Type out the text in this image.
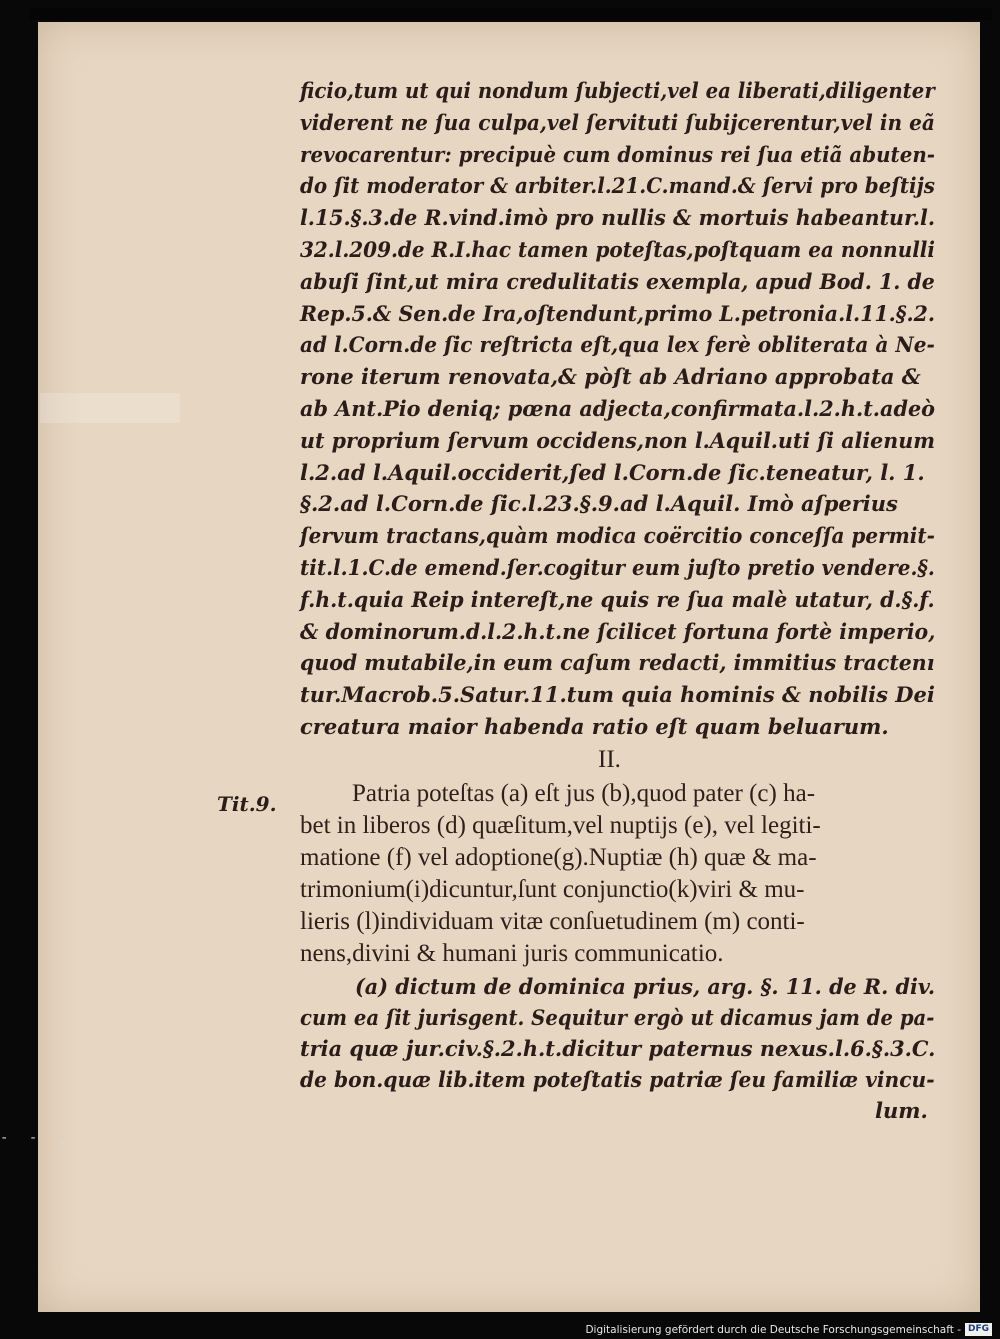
ficio,tum ut qui nondum ſubjecti,vel ea liberati,diligenter
viderent ne ſua culpa,vel ſervituti ſubijcerentur,vel in eã
revocarentur: precipuè cum dominus rei ſua etiã abuten-
do ſit moderator & arbiter.l.21.C.mand.& ſervi pro beſtijs
l.15.§.3.de R.vind.imò pro nullis & mortuis habeantur.l.
32.l.209.de R.I.hac tamen poteſtas,poſtquam ea nonnulli
abuſi ſint,ut mira credulitatis exempla, apud Bod. 1. de
Rep.5.& Sen.de Ira,oſtendunt,primo L.petronia.l.11.§.2.
ad l.Corn.de ſic reſtricta eſt,qua lex ferè obliterata à Ne-
rone iterum renovata,& pòſt ab Adriano approbata &
ab Ant.Pio deniq; pœna adjecta,confirmata.l.2.h.t.adeò
ut proprium ſervum occidens,non l.Aquil.uti ſi alienum
l.2.ad l.Aquil.occiderit,ſed l.Corn.de ſic.teneatur, l. 1.
§.2.ad l.Corn.de ſic.l.23.§.9.ad l.Aquil. Imò aſperius
ſervum tractans,quàm modica coërcitio conceſſa permit-
tit.l.1.C.de emend.ſer.cogitur eum juſto pretio vendere.§.
f.h.t.quia Reip intereſt,ne quis re ſua malè utatur, d.§.f.
& dominorum.d.l.2.h.t.ne ſcilicet fortuna fortè imperio,
quod mutabile,in eum caſum redacti, immitius tractenı
tur.Macrob.5.Satur.11.tum quia hominis & nobilis Dei
creatura maior habenda ratio eſt quam beluarum.
Tit.9.
II.
Patria poteſtas (a) eſt jus (b),quod pater (c) ha-
bet in liberos (d) quæſitum,vel nuptijs (e), vel legiti-
matione (f) vel adoptione(g).Nuptiæ (h) quæ & ma-
trimonium(i)dicuntur,ſunt conjunctio(k)viri & mu-
lieris (l)individuam vitæ conſuetudinem (m) conti-
nens,divini & humani juris communicatio.
(a) dictum de dominica prius, arg. §. 11. de R. div.
cum ea ſit jurisgent. Sequitur ergò ut dicamus jam de pa-
tria quæ jur.civ.§.2.h.t.dicitur paternus nexus.l.6.§.3.C.
de bon.quæ lib.item poteſtatis patriæ ſeu familiæ vincu-
lum.
- - -
Digitalisierung gefördert durch die Deutsche Forschungsgemeinschaft - DFG
